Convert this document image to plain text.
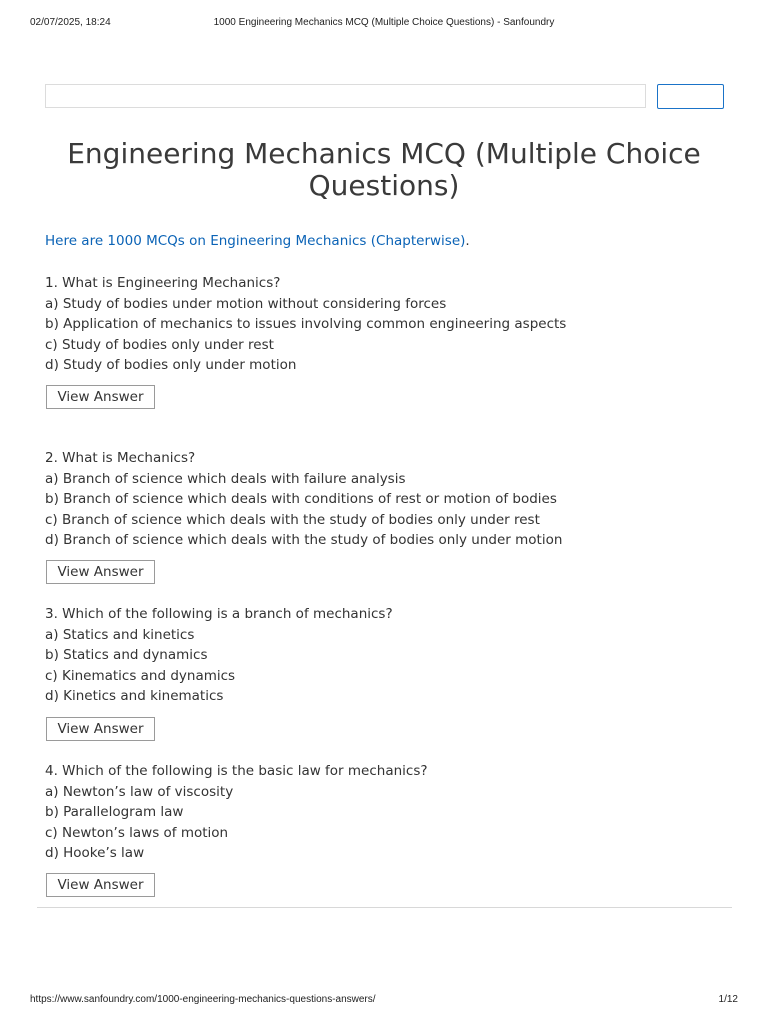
02/07/2025, 18:24	1000 Engineering Mechanics MCQ (Multiple Choice Questions) - Sanfoundry
Engineering Mechanics MCQ (Multiple Choice Questions)
Here are 1000 MCQs on Engineering Mechanics (Chapterwise).
1. What is Engineering Mechanics?
a) Study of bodies under motion without considering forces
b) Application of mechanics to issues involving common engineering aspects
c) Study of bodies only under rest
d) Study of bodies only under motion
View Answer
2. What is Mechanics?
a) Branch of science which deals with failure analysis
b) Branch of science which deals with conditions of rest or motion of bodies
c) Branch of science which deals with the study of bodies only under rest
d) Branch of science which deals with the study of bodies only under motion
View Answer
3. Which of the following is a branch of mechanics?
a) Statics and kinetics
b) Statics and dynamics
c) Kinematics and dynamics
d) Kinetics and kinematics
View Answer
4. Which of the following is the basic law for mechanics?
a) Newton’s law of viscosity
b) Parallelogram law
c) Newton’s laws of motion
d) Hooke’s law
View Answer
https://www.sanfoundry.com/1000-engineering-mechanics-questions-answers/	1/12
